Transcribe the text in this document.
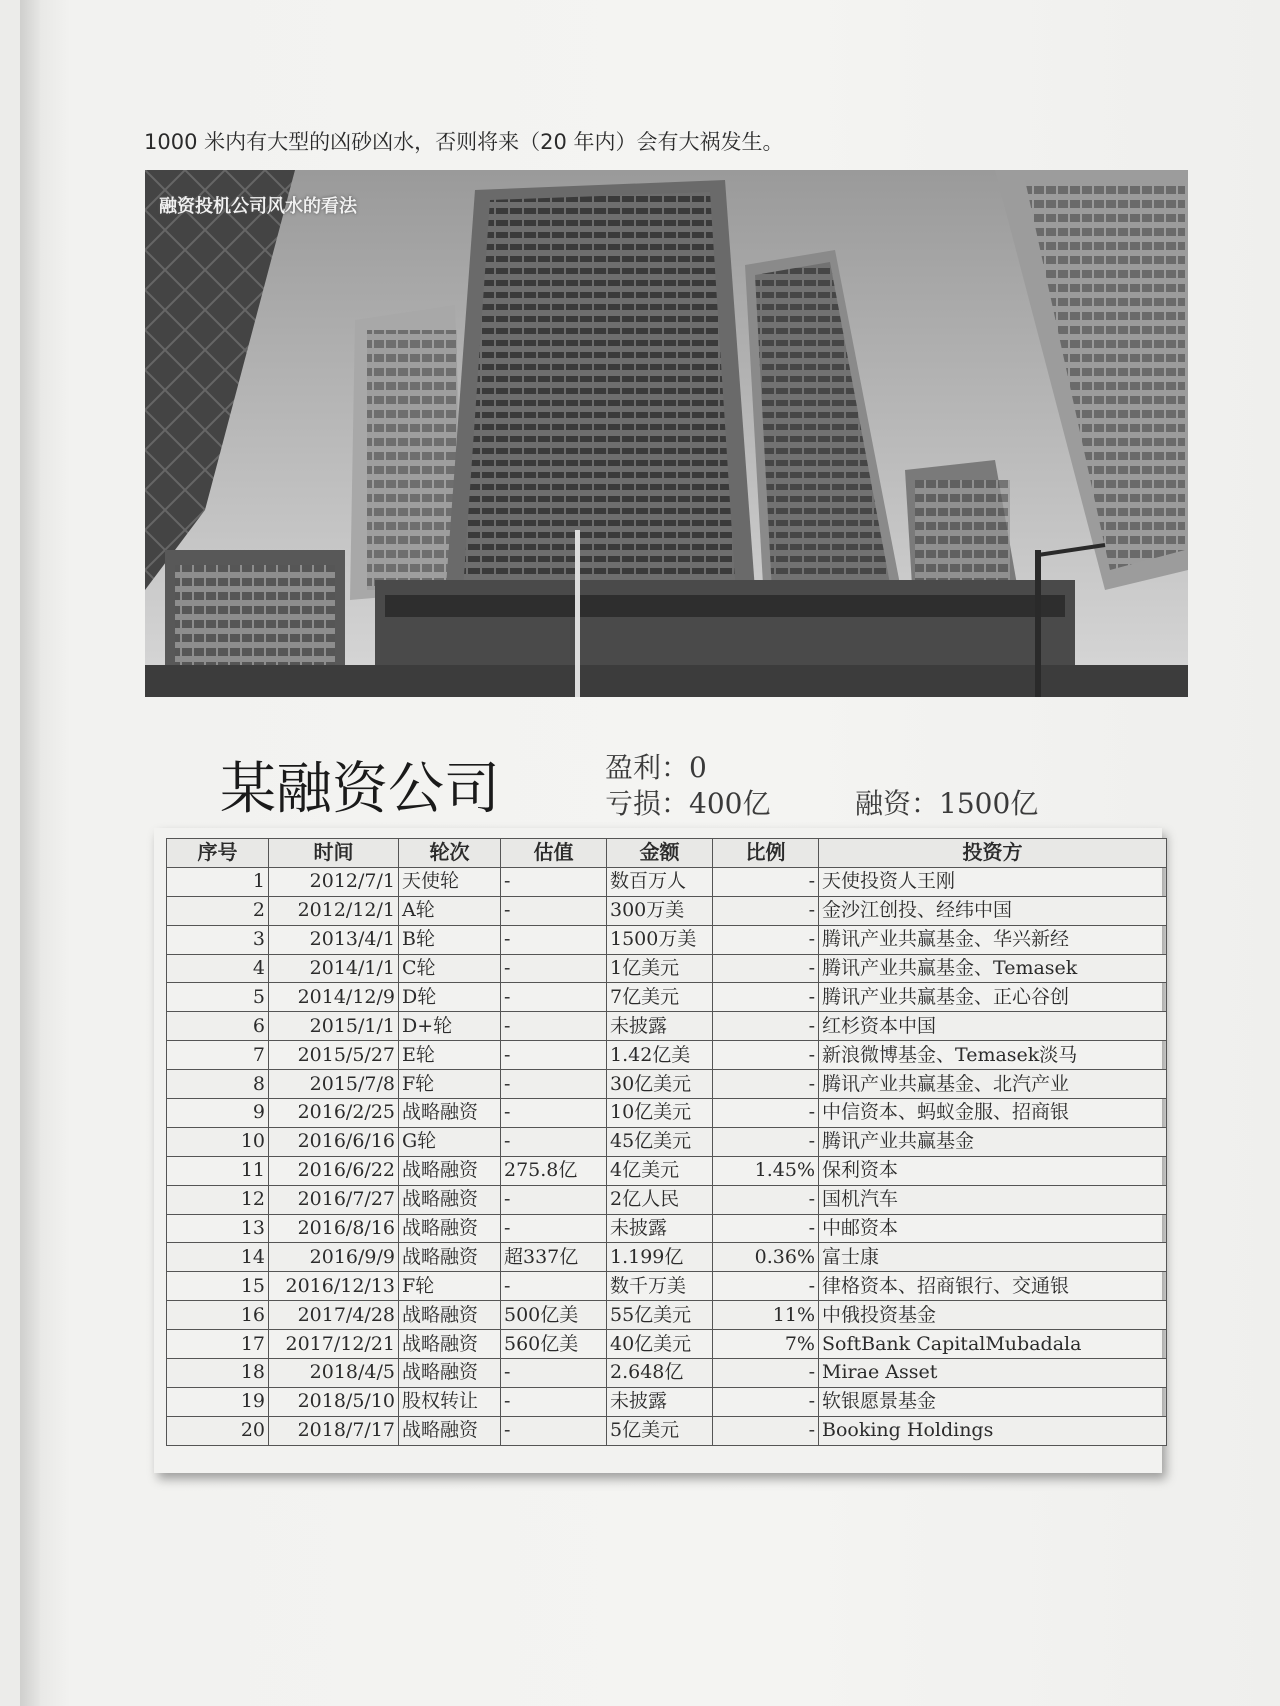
1000 米内有大型的凶砂凶水，否则将来（20 年内）会有大祸发生。
融资投机公司风水的看法
某融资公司	盈利：0
亏损：400亿	融资：1500亿
序号	时间	轮次	估值	金额	比例	投资方
1	2012/7/1	天使轮	-	数百万人	-	天使投资人王刚
2	2012/12/1	A轮	-	300万美	-	金沙江创投、经纬中国
3	2013/4/1	B轮	-	1500万美	-	腾讯产业共赢基金、华兴新经
4	2014/1/1	C轮	-	1亿美元	-	腾讯产业共赢基金、Temasek
5	2014/12/9	D轮	-	7亿美元	-	腾讯产业共赢基金、正心谷创
6	2015/1/1	D+轮	-	未披露	-	红杉资本中国
7	2015/5/27	E轮	-	1.42亿美	-	新浪微博基金、Temasek淡马
8	2015/7/8	F轮	-	30亿美元	-	腾讯产业共赢基金、北汽产业
9	2016/2/25	战略融资	-	10亿美元	-	中信资本、蚂蚁金服、招商银
10	2016/6/16	G轮	-	45亿美元	-	腾讯产业共赢基金
11	2016/6/22	战略融资	275.8亿	4亿美元	1.45%	保利资本
12	2016/7/27	战略融资	-	2亿人民	-	国机汽车
13	2016/8/16	战略融资	-	未披露	-	中邮资本
14	2016/9/9	战略融资	超337亿	1.199亿	0.36%	富士康
15	2016/12/13	F轮	-	数千万美	-	律格资本、招商银行、交通银
16	2017/4/28	战略融资	500亿美	55亿美元	11%	中俄投资基金
17	2017/12/21	战略融资	560亿美	40亿美元	7%	SoftBank CapitalMubadala
18	2018/4/5	战略融资	-	2.648亿	-	Mirae Asset
19	2018/5/10	股权转让	-	未披露	-	软银愿景基金
20	2018/7/17	战略融资	-	5亿美元	-	Booking Holdings
